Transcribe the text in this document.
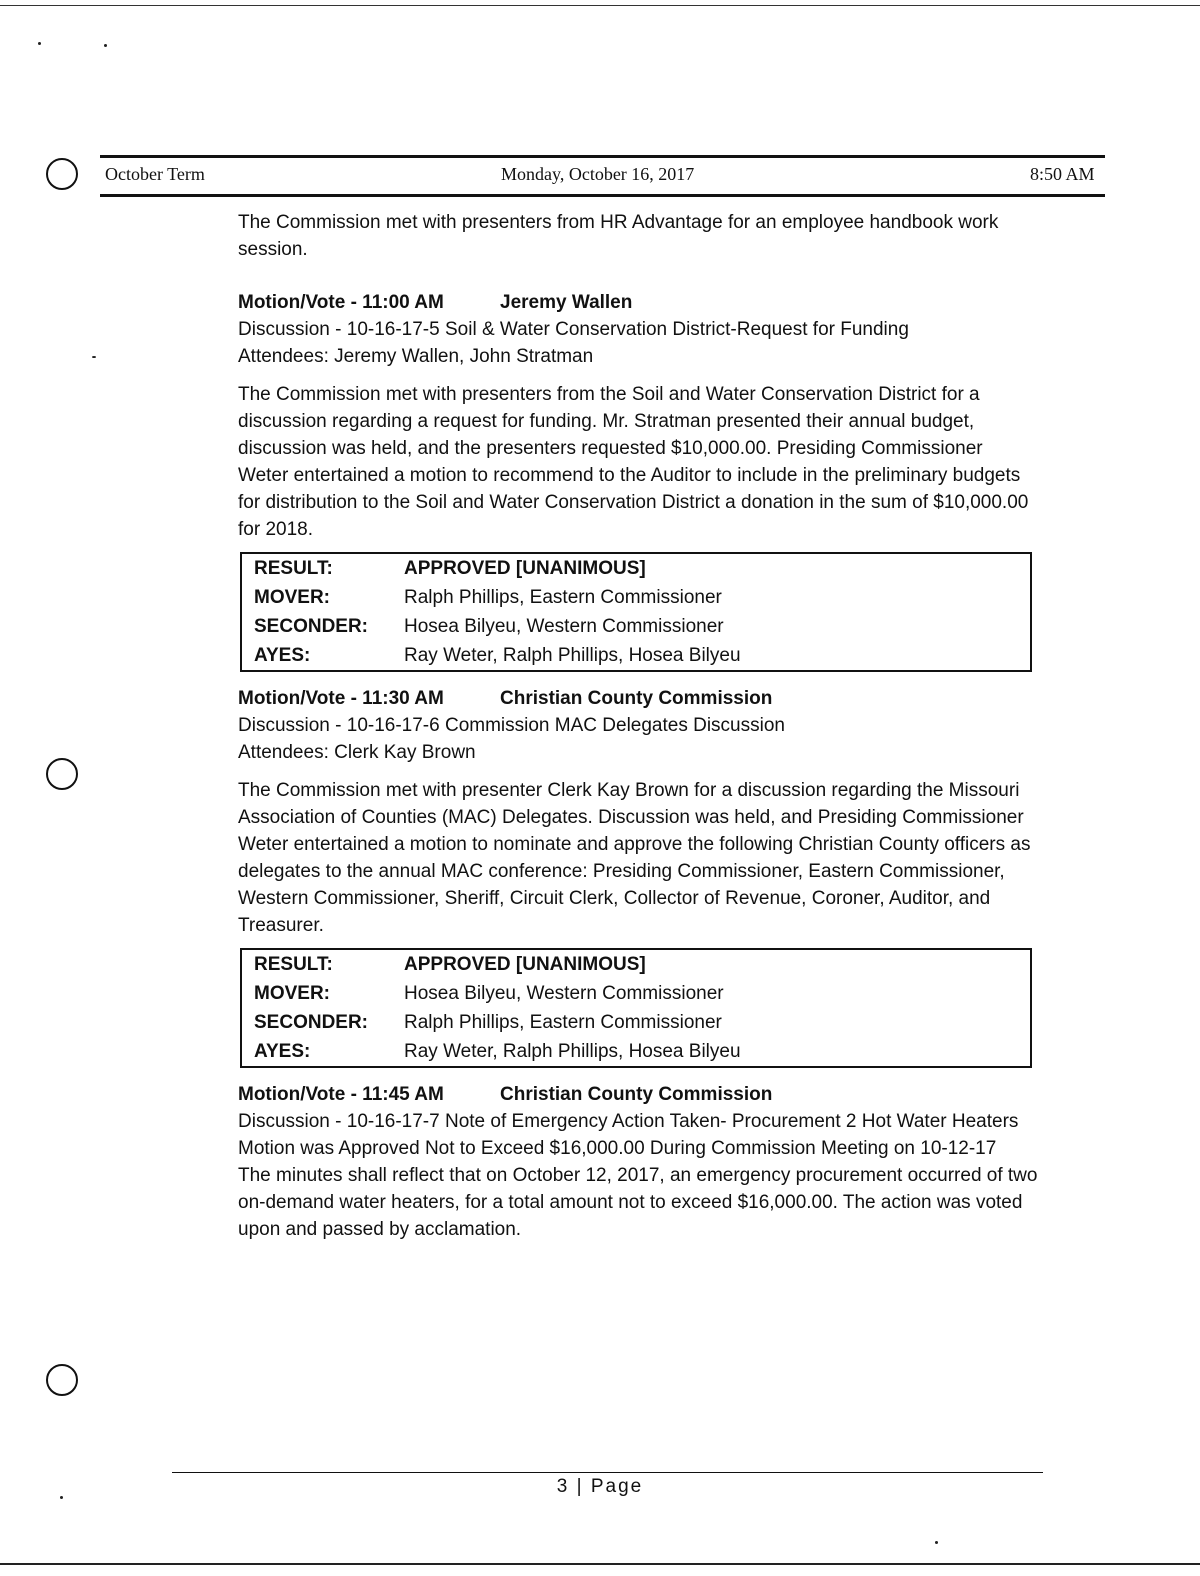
October Term	Monday, October 16, 2017	8:50 AM

The Commission met with presenters from HR Advantage for an employee handbook work session.

Motion/Vote - 11:00 AM	Jeremy Wallen

Discussion - 10-16-17-5 Soil & Water Conservation District-Request for Funding

Attendees: Jeremy Wallen, John Stratman

The Commission met with presenters from the Soil and Water Conservation District for a discussion regarding a request for funding. Mr. Stratman presented their annual budget, discussion was held, and the presenters requested $10,000.00. Presiding Commissioner Weter entertained a motion to recommend to the Auditor to include in the preliminary budgets for distribution to the Soil and Water Conservation District a donation in the sum of $10,000.00 for 2018.

RESULT:	APPROVED [UNANIMOUS]
MOVER:	Ralph Phillips, Eastern Commissioner
SECONDER:	Hosea Bilyeu, Western Commissioner
AYES:	Ray Weter, Ralph Phillips, Hosea Bilyeu

Motion/Vote - 11:30 AM	Christian County Commission

Discussion - 10-16-17-6 Commission MAC Delegates Discussion

Attendees: Clerk Kay Brown

The Commission met with presenter Clerk Kay Brown for a discussion regarding the Missouri Association of Counties (MAC) Delegates. Discussion was held, and Presiding Commissioner Weter entertained a motion to nominate and approve the following Christian County officers as delegates to the annual MAC conference: Presiding Commissioner, Eastern Commissioner, Western Commissioner, Sheriff, Circuit Clerk, Collector of Revenue, Coroner, Auditor, and Treasurer.

RESULT:	APPROVED [UNANIMOUS]
MOVER:	Hosea Bilyeu, Western Commissioner
SECONDER:	Ralph Phillips, Eastern Commissioner
AYES:	Ray Weter, Ralph Phillips, Hosea Bilyeu

Motion/Vote - 11:45 AM	Christian County Commission

Discussion - 10-16-17-7 Note of Emergency Action Taken- Procurement 2 Hot Water Heaters Motion was Approved Not to Exceed $16,000.00 During Commission Meeting on 10-12-17

The minutes shall reflect that on October 12, 2017, an emergency procurement occurred of two on-demand water heaters, for a total amount not to exceed $16,000.00. The action was voted upon and passed by acclamation.

3 | Page
